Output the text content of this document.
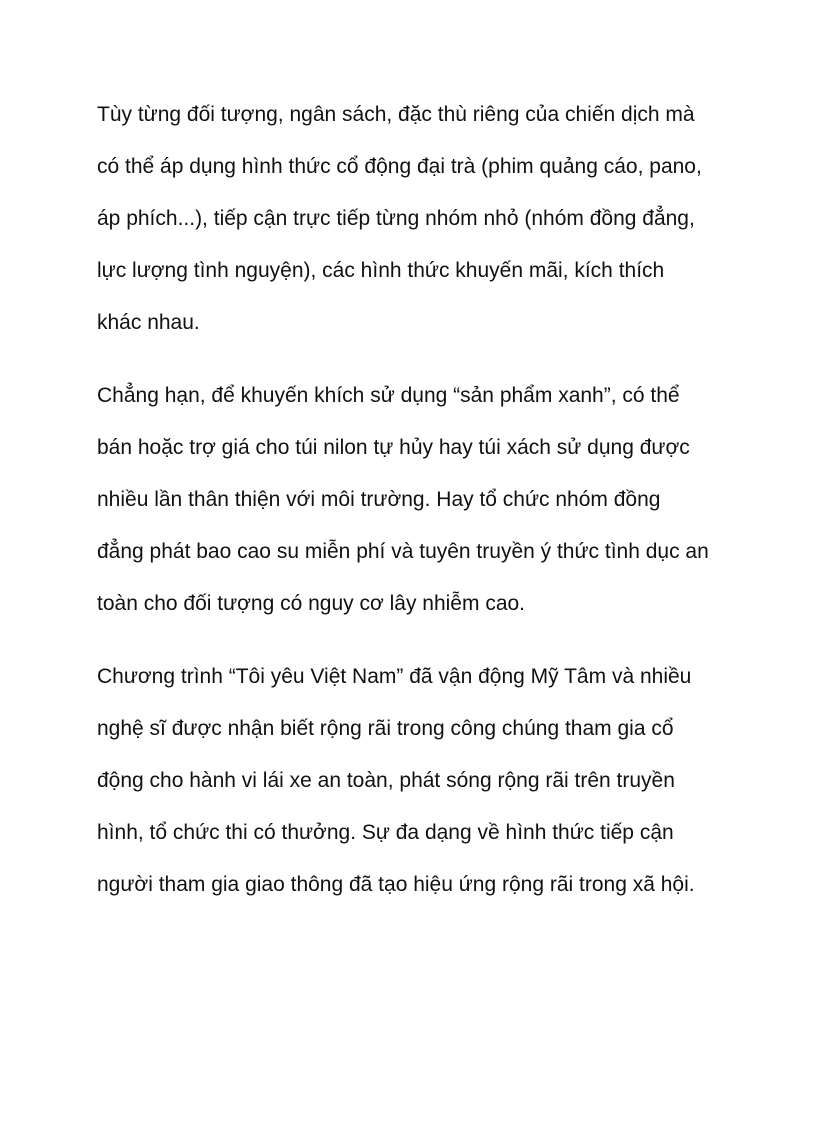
Tùy từng đối tượng, ngân sách, đặc thù riêng của chiến dịch mà

có thể áp dụng hình thức cổ động đại trà (phim quảng cáo, pano,

áp phích...), tiếp cận trực tiếp từng nhóm nhỏ (nhóm đồng đẳng,

lực lượng tình nguyện), các hình thức khuyến mãi, kích thích

khác nhau.

Chẳng hạn, để khuyến khích sử dụng “sản phẩm xanh”, có thể

bán hoặc trợ giá cho túi nilon tự hủy hay túi xách sử dụng được

nhiều lần thân thiện với môi trường. Hay tổ chức nhóm đồng

đẳng phát bao cao su miễn phí và tuyên truyền ý thức tình dục an

toàn cho đối tượng có nguy cơ lây nhiễm cao.

Chương trình “Tôi yêu Việt Nam” đã vận động Mỹ Tâm và nhiều

nghệ sĩ được nhận biết rộng rãi trong công chúng tham gia cổ

động cho hành vi lái xe an toàn, phát sóng rộng rãi trên truyền

hình, tổ chức thi có thưởng. Sự đa dạng về hình thức tiếp cận

người tham gia giao thông đã tạo hiệu ứng rộng rãi trong xã hội.
